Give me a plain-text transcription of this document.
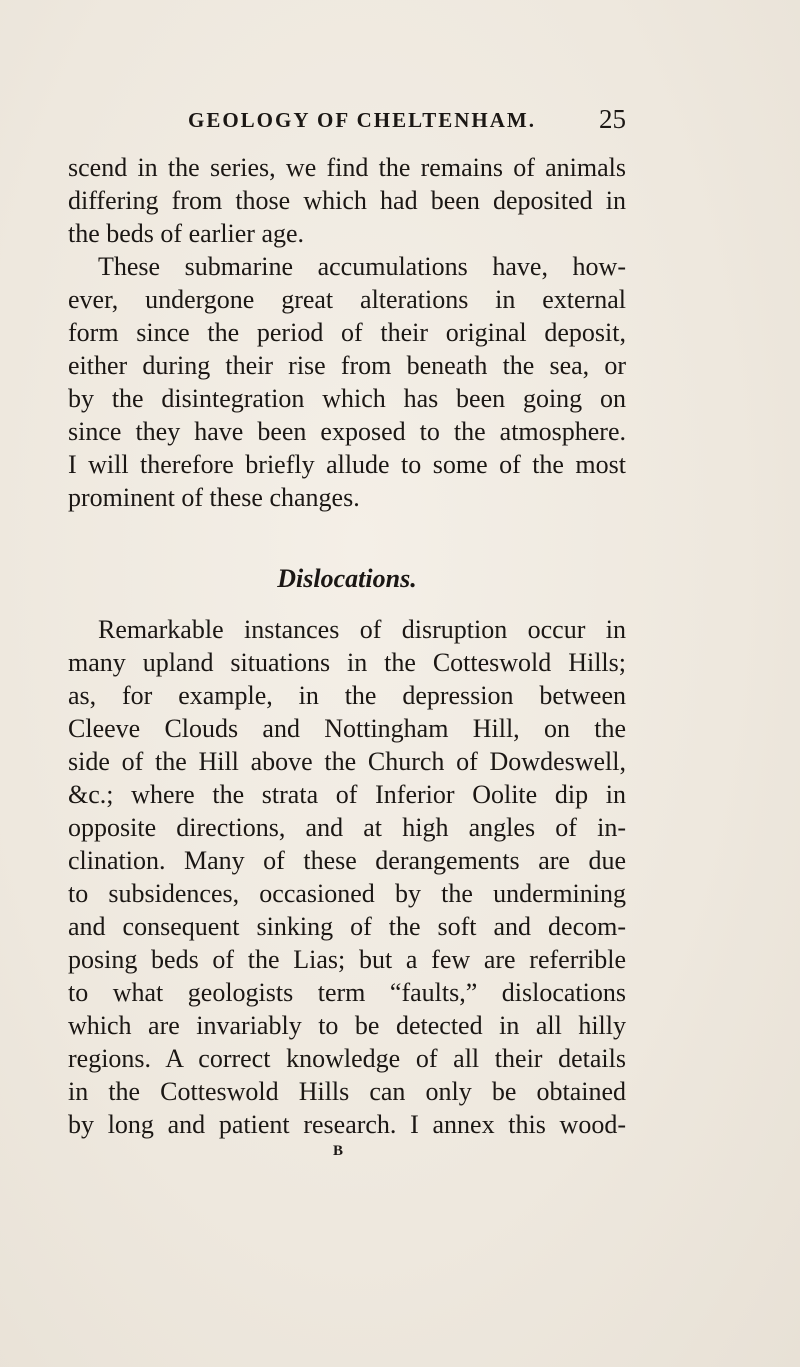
GEOLOGY OF CHELTENHAM. 25
scend in the series, we find the remains of animals
differing from those which had been deposited in
the beds of earlier age.
These submarine accumulations have, how-
ever, undergone great alterations in external
form since the period of their original deposit,
either during their rise from beneath the sea, or
by the disintegration which has been going on
since they have been exposed to the atmosphere.
I will therefore briefly allude to some of the most
prominent of these changes.
Dislocations.
Remarkable instances of disruption occur in
many upland situations in the Cotteswold Hills;
as, for example, in the depression between
Cleeve Clouds and Nottingham Hill, on the
side of the Hill above the Church of Dowdeswell,
&c.; where the strata of Inferior Oolite dip in
opposite directions, and at high angles of in-
clination. Many of these derangements are due
to subsidences, occasioned by the undermining
and consequent sinking of the soft and decom-
posing beds of the Lias; but a few are referrible
to what geologists term “faults,” dislocations
which are invariably to be detected in all hilly
regions. A correct knowledge of all their details
in the Cotteswold Hills can only be obtained
by long and patient research. I annex this wood-
B
